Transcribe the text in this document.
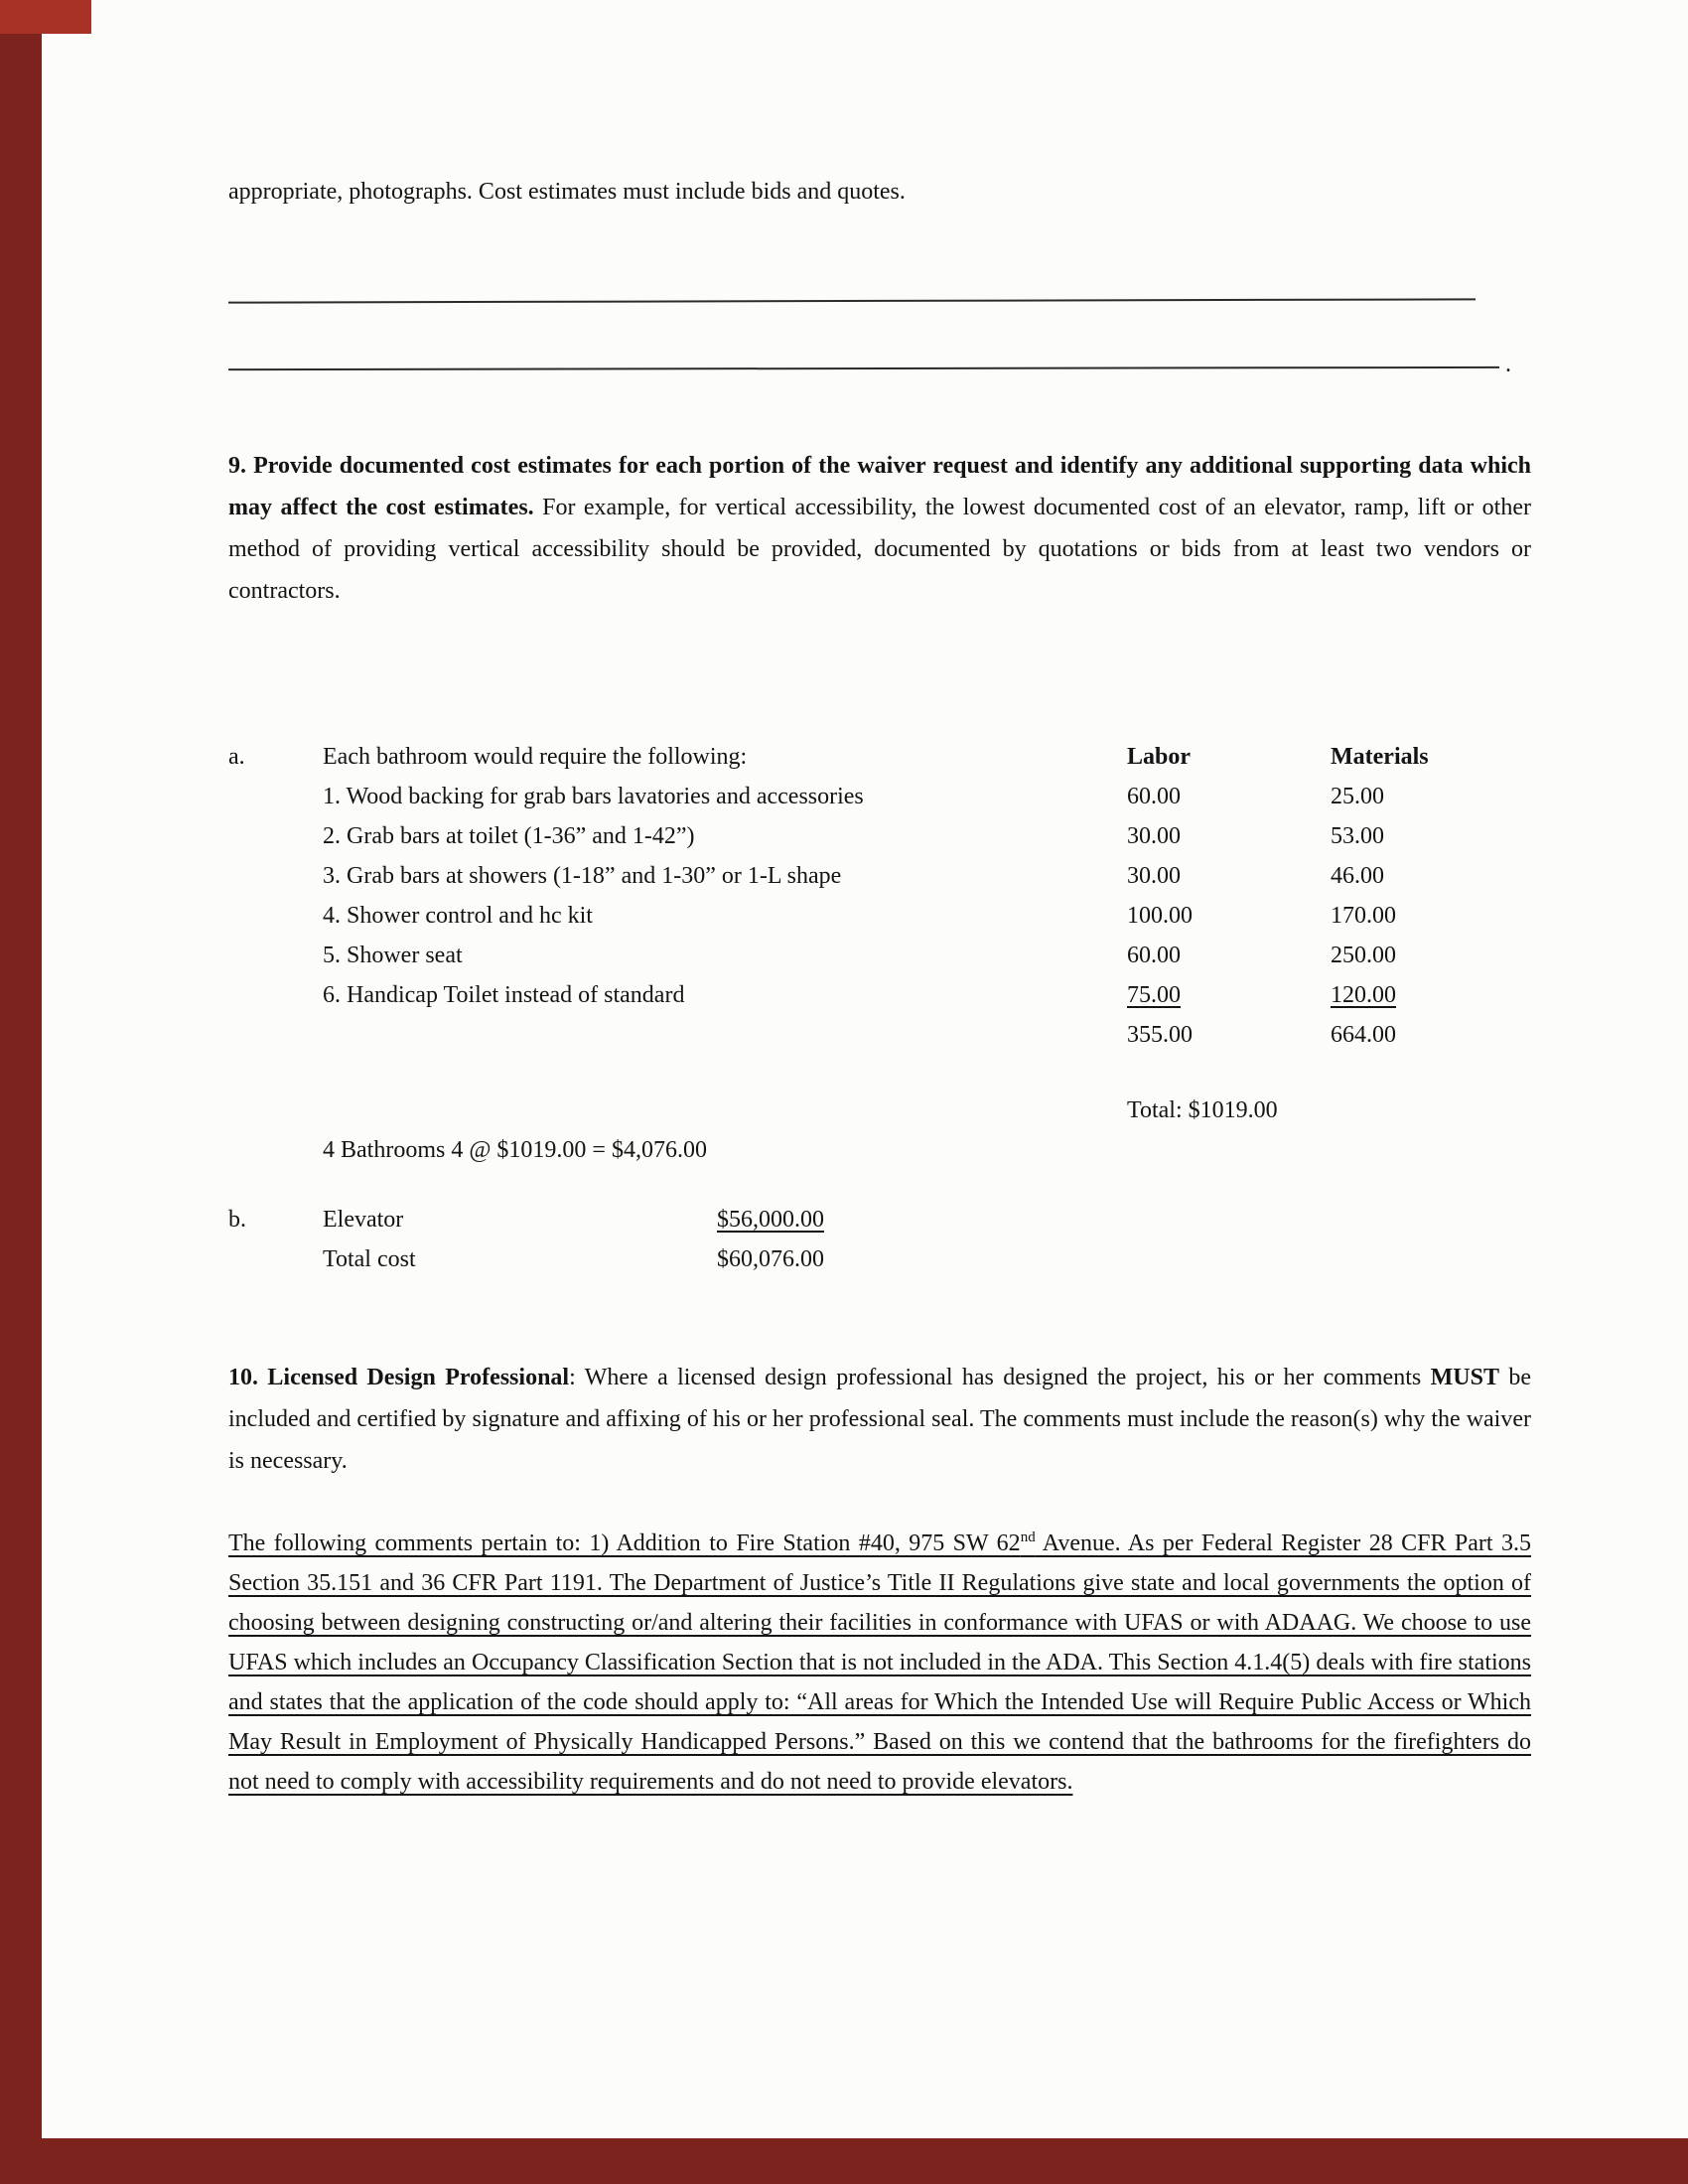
appropriate, photographs. Cost estimates must include bids and quotes.
.
9. Provide documented cost estimates for each portion of the waiver request and identify any additional supporting data which may affect the cost estimates. For example, for vertical accessibility, the lowest documented cost of an elevator, ramp, lift or other method of providing vertical accessibility should be provided, documented by quotations or bids from at least two vendors or contractors.
a.	Each bathroom would require the following:	Labor	Materials
1. Wood backing for grab bars lavatories and accessories	60.00	25.00
2. Grab bars at toilet (1-36” and 1-42”)	30.00	53.00
3. Grab bars at showers (1-18” and 1-30” or 1-L shape	30.00	46.00
4. Shower control and hc kit	100.00	170.00
5. Shower seat	60.00	250.00
6. Handicap Toilet instead of standard	75.00	120.00
355.00	664.00
Total: $1019.00
4 Bathrooms 4 @ $1019.00 = $4,076.00
b.	Elevator	$56,000.00
Total cost	$60,076.00
10. Licensed Design Professional: Where a licensed design professional has designed the project, his or her comments MUST be included and certified by signature and affixing of his or her professional seal. The comments must include the reason(s) why the waiver is necessary.
The following comments pertain to: 1) Addition to Fire Station #40, 975 SW 62nd Avenue. As per Federal Register 28 CFR Part 3.5 Section 35.151 and 36 CFR Part 1191. The Department of Justice’s Title II Regulations give state and local governments the option of choosing between designing constructing or/and altering their facilities in conformance with UFAS or with ADAAG. We choose to use UFAS which includes an Occupancy Classification Section that is not included in the ADA. This Section 4.1.4(5) deals with fire stations and states that the application of the code should apply to: “All areas for Which the Intended Use will Require Public Access or Which May Result in Employment of Physically Handicapped Persons.” Based on this we contend that the bathrooms for the firefighters do not need to comply with accessibility requirements and do not need to provide elevators.
